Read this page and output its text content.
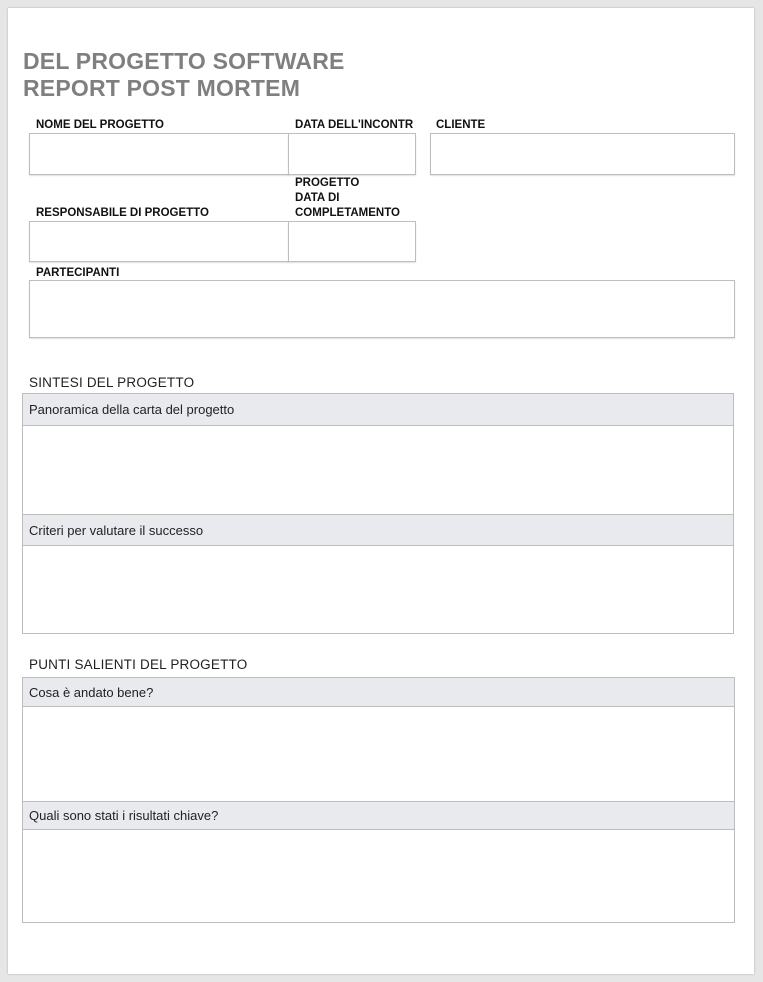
DEL PROGETTO SOFTWARE
REPORT POST MORTEM
NOME DEL PROGETTO	DATA DELL'INCONTR CLIENTE
PROGETTO
DATA DI
COMPLETAMENTO
RESPONSABILE DI PROGETTO
PARTECIPANTI
SINTESI DEL PROGETTO
Panoramica della carta del progetto
Criteri per valutare il successo
PUNTI SALIENTI DEL PROGETTO
Cosa è andato bene?
Quali sono stati i risultati chiave?
